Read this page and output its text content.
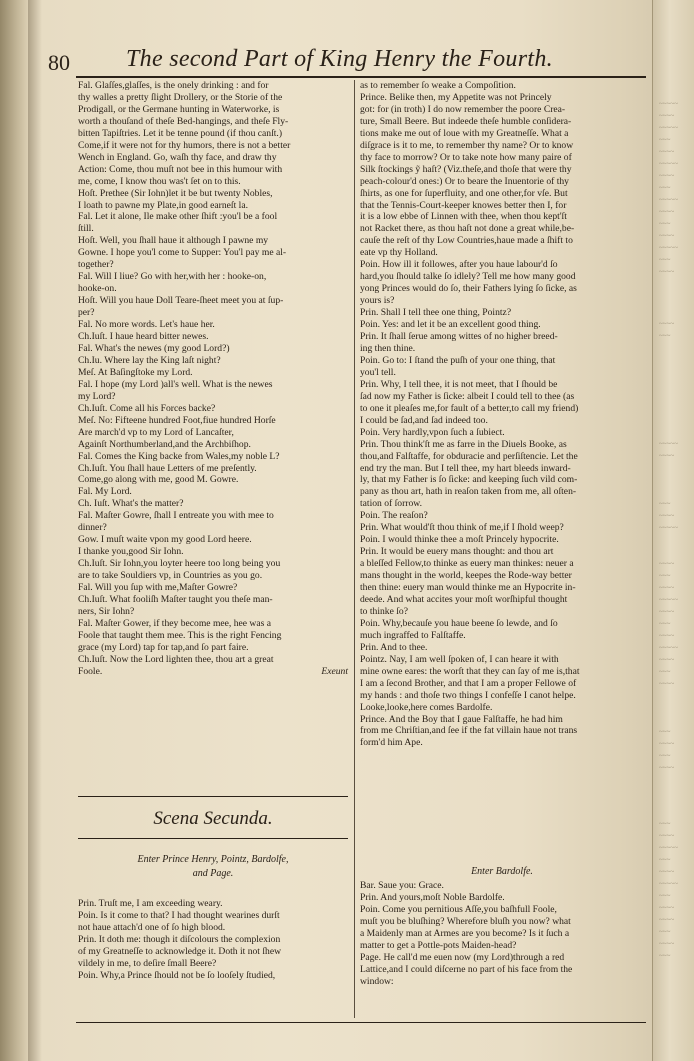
~~~~~
~~~~
~~~~~
~~~
~~~~
~~~~~
~~~~
~~~
~~~~~
~~~~
~~~
~~~~
~~~~~
~~~
~~~~
~~~~
~~~
~~~~~
~~~~
~~~
~~~~
~~~~~
~~~~
~~~
~~~~
~~~~~
~~~~
~~~
~~~~
~~~~~
~~~~
~~~
~~~~
~~~
~~~~
~~~
~~~~
~~~
~~~~
~~~~~
~~~
~~~~
~~~~~
~~~
~~~~
~~~~
~~~
~~~~
~~~
80 The second Part of King Henry the Fourth.
Fal. Glaſſes,glaſſes, is the onely drinking : and for
thy walles a pretty ſlight Drollery, or the Storie of the
Prodigall, or the Germane hunting in Waterworke, is
worth a thouſand of theſe Bed-hangings, and theſe Fly-
bitten Tapiſtries. Let it be tenne pound (if thou canſt.)
Come,if it were not for thy humors, there is not a better
Wench in England. Go, waſh thy face, and draw thy
Action: Come, thou muſt not bee in this humour with
me, come, I know thou was't ſet on to this.
Hoſt. Prethee (Sir Iohn)let it be but twenty Nobles,
I loath to pawne my Plate,in good earneſt la.
Fal. Let it alone, Ile make other ſhift :you'l be a fool
ſtill.
Hoſt. Well, you ſhall haue it although I pawne my
Gowne. I hope you'l come to Supper: You'l pay me al-
together?
Fal. Will I liue? Go with her,with her : hooke-on,
hooke-on.
Hoſt. Will you haue Doll Teare-ſheet meet you at ſup-
per?
Fal. No more words. Let's haue her.
Ch.Iuſt. I haue heard bitter newes.
Fal. What's the newes (my good Lord?)
Ch.Iu. Where lay the King laſt night?
Meſ. At Baſingſtoke my Lord.
Fal. I hope (my Lord )all's well. What is the newes
my Lord?
Ch.Iuſt. Come all his Forces backe?
Meſ. No: Fifteene hundred Foot,fiue hundred Horſe
Are march'd vp to my Lord of Lancaſter,
Againſt Northumberland,and the Archbiſhop.
Fal. Comes the King backe from Wales,my noble L?
Ch.Iuſt. You ſhall haue Letters of me preſently.
Come,go along with me, good M. Gowre.
Fal. My Lord.
Ch. Iuſt. What's the matter?
Fal. Maſter Gowre, ſhall I entreate you with mee to
dinner?
Gow. I muſt waite vpon my good Lord heere.
I thanke you,good Sir Iohn.
Ch.Iuſt. Sir Iohn,you loyter heere too long being you
are to take Souldiers vp, in Countries as you go.
Fal. Will you ſup with me,Maſter Gowre?
Ch.Iuſt. What fooliſh Maſter taught you theſe man-
ners, Sir Iohn?
Fal. Maſter Gower, if they become mee, hee was a
Foole that taught them mee. This is the right Fencing
grace (my Lord) tap for tap,and ſo part faire.
Ch.Iuſt. Now the Lord lighten thee, thou art a great
Foole.	Exeunt
Scena Secunda.
Enter Prince Henry, Pointz, Bardolfe,
and Page.
Prin. Truſt me, I am exceeding weary.
Poin. Is it come to that? I had thought wearines durſt
not haue attach'd one of ſo high blood.
Prin. It doth me: though it diſcolours the complexion
of my Greatneſſe to acknowledge it. Doth it not ſhew
vildely in me, to deſire ſmall Beere?
Poin. Why,a Prince ſhould not be ſo looſely ſtudied,
as to remember ſo weake a Compoſition.
Prince. Belike then, my Appetite was not Princely
got: for (in troth) I do now remember the poore Crea-
ture, Small Beere. But indeede theſe humble conſidera-
tions make me out of loue with my Greatneſſe. What a
diſgrace is it to me, to remember thy name? Or to know
thy face to morrow? Or to take note how many paire of
Silk ſtockings ỹ haſt? (Viz.theſe,and thoſe that were thy
peach-colour'd ones:) Or to beare the Inuentorie of thy
ſhirts, as one for ſuperfluity, and one other,for vſe. But
that the Tennis-Court-keeper knowes better then I, for
it is a low ebbe of Linnen with thee, when thou kept'ſt
not Racket there, as thou haſt not done a great while,be-
cauſe the reſt of thy Low Countries,haue made a ſhift to
eate vp thy Holland.
Poin. How ill it followes, after you haue labour'd ſo
hard,you ſhould talke ſo idlely? Tell me how many good
yong Princes would do ſo, their Fathers lying ſo ſicke, as
yours is?
Prin. Shall I tell thee one thing, Pointz?
Poin. Yes: and let it be an excellent good thing.
Prin. It ſhall ſerue among wittes of no higher breed-
ing then thine.
Poin. Go to: I ſtand the puſh of your one thing, that
you'l tell.
Prin. Why, I tell thee, it is not meet, that I ſhould be
ſad now my Father is ſicke: albeit I could tell to thee (as
to one it pleaſes me,for fault of a better,to call my friend)
I could be ſad,and ſad indeed too.
Poin. Very hardly,vpon ſuch a ſubiect.
Prin. Thou think'ſt me as farre in the Diuels Booke, as
thou,and Falſtaffe, for obduracie and perſiſtencie. Let the
end try the man. But I tell thee, my hart bleeds inward-
ly, that my Father is ſo ſicke: and keeping ſuch vild com-
pany as thou art, hath in reaſon taken from me, all oſten-
tation of ſorrow.
Poin. The reaſon?
Prin. What would'ſt thou think of me,if I ſhold weep?
Poin. I would thinke thee a moſt Princely hypocrite.
Prin. It would be euery mans thought: and thou art
a bleſſed Fellow,to thinke as euery man thinkes: neuer a
mans thought in the world, keepes the Rode-way better
then thine: euery man would thinke me an Hypocrite in-
deede. And what accites your moſt worſhipful thought
to thinke ſo?
Poin. Why,becauſe you haue beene ſo lewde, and ſo
much ingraffed to Falſtaffe.
Prin. And to thee.
Pointz. Nay, I am well ſpoken of, I can heare it with
mine owne eares: the worſt that they can ſay of me is,that
I am a ſecond Brother, and that I am a proper Fellowe of
my hands : and thoſe two things I confeſſe I canot helpe.
Looke,looke,here comes Bardolfe.
Prince. And the Boy that I gaue Falſtaffe, he had him
from me Chriſtian,and ſee if the fat villain haue not trans
form'd him Ape.
Enter Bardolfe.
Bar. Saue you: Grace.
Prin. And yours,moſt Noble Bardolfe.
Poin. Come you pernitious Aſſe,you baſhfull Foole,
muſt you be bluſhing? Wherefore bluſh you now? what
a Maidenly man at Armes are you become? Is it ſuch a
matter to get a Pottle-pots Maiden-head?
Page. He call'd me euen now (my Lord)through a red
Lattice,and I could diſcerne no part of his face from the
window:
